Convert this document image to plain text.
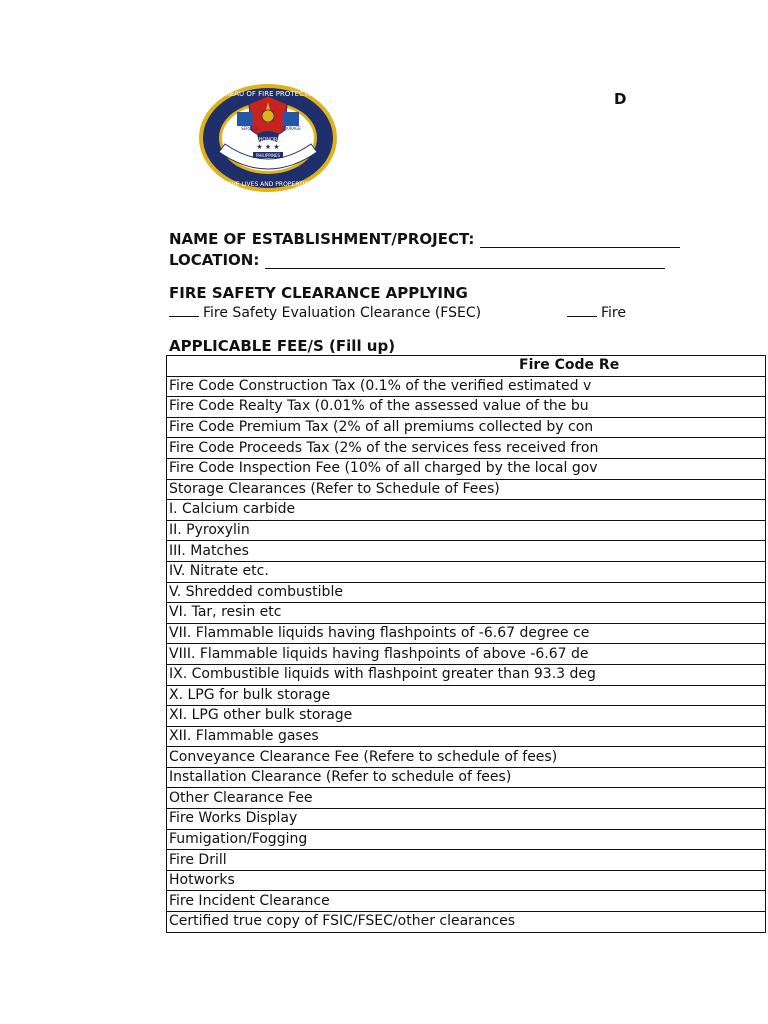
HONOR
★ ★ ★
PHILIPPINES
BUREAU OF FIRE PROTECTION
SAVE LIVES AND PROPERTIES
SERVICE	COURAGE
D
NAME OF ESTABLISHMENT/PROJECT:
LOCATION:
FIRE SAFETY CLEARANCE APPLYING
Fire Safety Evaluation Clearance (FSEC)	Fire
APPLICABLE FEE/S (Fill up)
Fire Code Re
Fire Code Construction Tax (0.1% of the verified estimated v
Fire Code Realty Tax (0.01% of the assessed value of the bu
Fire Code Premium Tax (2% of all premiums collected by con
Fire Code Proceeds Tax (2% of the services fess received fron
Fire Code Inspection Fee (10% of all charged by the local gov
Storage Clearances (Refer to Schedule of Fees)
I. Calcium carbide
II. Pyroxylin
III. Matches
IV. Nitrate etc.
V. Shredded combustible
VI. Tar, resin etc
VII. Flammable liquids having flashpoints of -6.67 degree ce
VIII. Flammable liquids having flashpoints of above -6.67 de
IX. Combustible liquids with flashpoint greater than 93.3 deg
X. LPG for bulk storage
XI. LPG other bulk storage
XII. Flammable gases
Conveyance Clearance Fee (Refere to schedule of fees)
Installation Clearance (Refer to schedule of fees)
Other Clearance Fee
Fire Works Display
Fumigation/Fogging
Fire Drill
Hotworks
Fire Incident Clearance
Certified true copy of FSIC/FSEC/other clearances
